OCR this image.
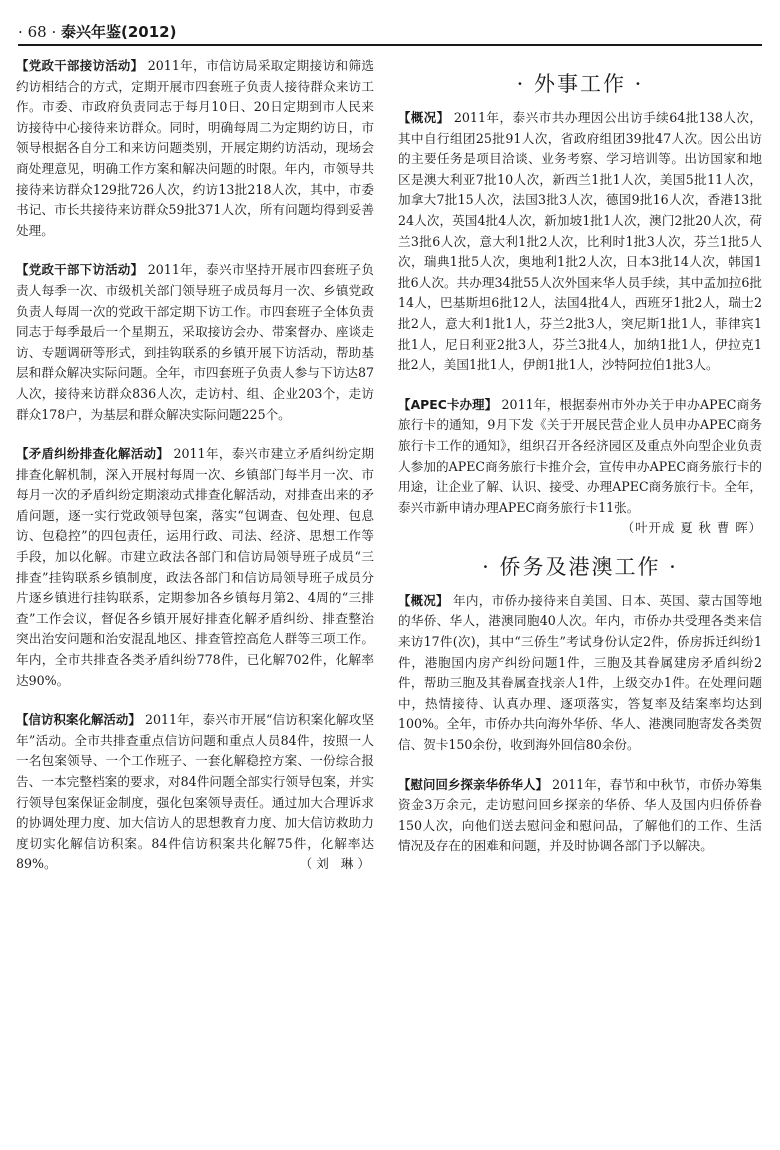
· 68 · 泰兴年鉴(2012)

【党政干部接访活动】 2011年，市信访局采取定期接访和筛选约访相结合的方式，定期开展市四套班子负责人接待群众来访工作。市委、市政府负责同志于每月10日、20日定期到市人民来访接待中心接待来访群众。同时，明确每周二为定期约访日，市领导根据各自分工和来访问题类别，开展定期约访活动，现场会商处理意见，明确工作方案和解决问题的时限。年内，市领导共接待来访群众129批726人次，约访13批218人次，其中，市委书记、市长共接待来访群众59批371人次，所有问题均得到妥善处理。

【党政干部下访活动】 2011年，泰兴市坚持开展市四套班子负责人每季一次、市级机关部门领导班子成员每月一次、乡镇党政负责人每周一次的党政干部定期下访工作。市四套班子全体负责同志于每季最后一个星期五，采取接访会办、带案督办、座谈走访、专题调研等形式，到挂钩联系的乡镇开展下访活动，帮助基层和群众解决实际问题。全年，市四套班子负责人参与下访达87人次，接待来访群众836人次，走访村、组、企业203个，走访群众178户，为基层和群众解决实际问题225个。

【矛盾纠纷排查化解活动】 2011年，泰兴市建立矛盾纠纷定期排查化解机制，深入开展村每周一次、乡镇部门每半月一次、市每月一次的矛盾纠纷定期滚动式排查化解活动，对排查出来的矛盾问题，逐一实行党政领导包案，落实“包调查、包处理、包息访、包稳控”的四包责任，运用行政、司法、经济、思想工作等手段，加以化解。市建立政法各部门和信访局领导班子成员“三排查”挂钩联系乡镇制度，政法各部门和信访局领导班子成员分片逐乡镇进行挂钩联系，定期参加各乡镇每月第2、4周的“三排查”工作会议，督促各乡镇开展好排查化解矛盾纠纷、排查整治突出治安问题和治安混乱地区、排查管控高危人群等三项工作。年内，全市共排查各类矛盾纠纷778件，已化解702件，化解率达90%。

【信访积案化解活动】 2011年，泰兴市开展“信访积案化解攻坚年”活动。全市共排查重点信访问题和重点人员84件，按照一人一名包案领导、一个工作班子、一套化解稳控方案、一份综合报告、一本完整档案的要求，对84件问题全部实行领导包案，并实行领导包案保证金制度，强化包案领导责任。通过加大合理诉求的协调处理力度、加大信访人的思想教育力度、加大信访救助力度切实化解信访积案。84件信访积案共化解75件，化解率达89%。	（刘 琳）

· 外事工作 ·

【概况】 2011年，泰兴市共办理因公出访手续64批138人次，其中自行组团25批91人次，省政府组团39批47人次。因公出访的主要任务是项目洽谈、业务考察、学习培训等。出访国家和地区是澳大利亚7批10人次，新西兰1批1人次，美国5批11人次，加拿大7批15人次，法国3批3人次，德国9批16人次，香港13批24人次，英国4批4人次，新加坡1批1人次，澳门2批20人次，荷兰3批6人次，意大利1批2人次，比利时1批3人次，芬兰1批5人次，瑞典1批5人次，奥地利1批2人次，日本3批14人次，韩国1批6人次。共办理34批55人次外国来华人员手续，其中孟加拉6批14人，巴基斯坦6批12人，法国4批4人，西班牙1批2人，瑞士2批2人，意大利1批1人，芬兰2批3人，突尼斯1批1人，菲律宾1批1人，尼日利亚2批3人，芬兰3批4人，加纳1批1人，伊拉克1批2人，美国1批1人，伊朗1批1人，沙特阿拉伯1批3人。

【APEC卡办理】 2011年，根据泰州市外办关于申办APEC商务旅行卡的通知，9月下发《关于开展民营企业人员申办APEC商务旅行卡工作的通知》，组织召开各经济园区及重点外向型企业负责人参加的APEC商务旅行卡推介会，宣传申办APEC商务旅行卡的用途，让企业了解、认识、接受、办理APEC商务旅行卡。全年，泰兴市新申请办理APEC商务旅行卡11张。

（叶开成 夏 秋 曹 晖）
· 侨务及港澳工作 ·

【概况】 年内，市侨办接待来自美国、日本、英国、蒙古国等地的华侨、华人，港澳同胞40人次。年内，市侨办共受理各类来信来访17件(次)，其中“三侨生”考试身份认定2件，侨房拆迁纠纷1件，港胞国内房产纠纷问题1件，三胞及其眷属建房矛盾纠纷2件，帮助三胞及其眷属查找亲人1件，上级交办1件。在处理问题中，热情接待、认真办理、逐项落实，答复率及结案率均达到100%。全年，市侨办共向海外华侨、华人、港澳同胞寄发各类贺信、贺卡150余份，收到海外回信80余份。

【慰问回乡探亲华侨华人】 2011年，春节和中秋节，市侨办筹集资金3万余元，走访慰问回乡探亲的华侨、华人及国内归侨侨眷150人次，向他们送去慰问金和慰问品，了解他们的工作、生活情况及存在的困难和问题，并及时协调各部门予以解决。
